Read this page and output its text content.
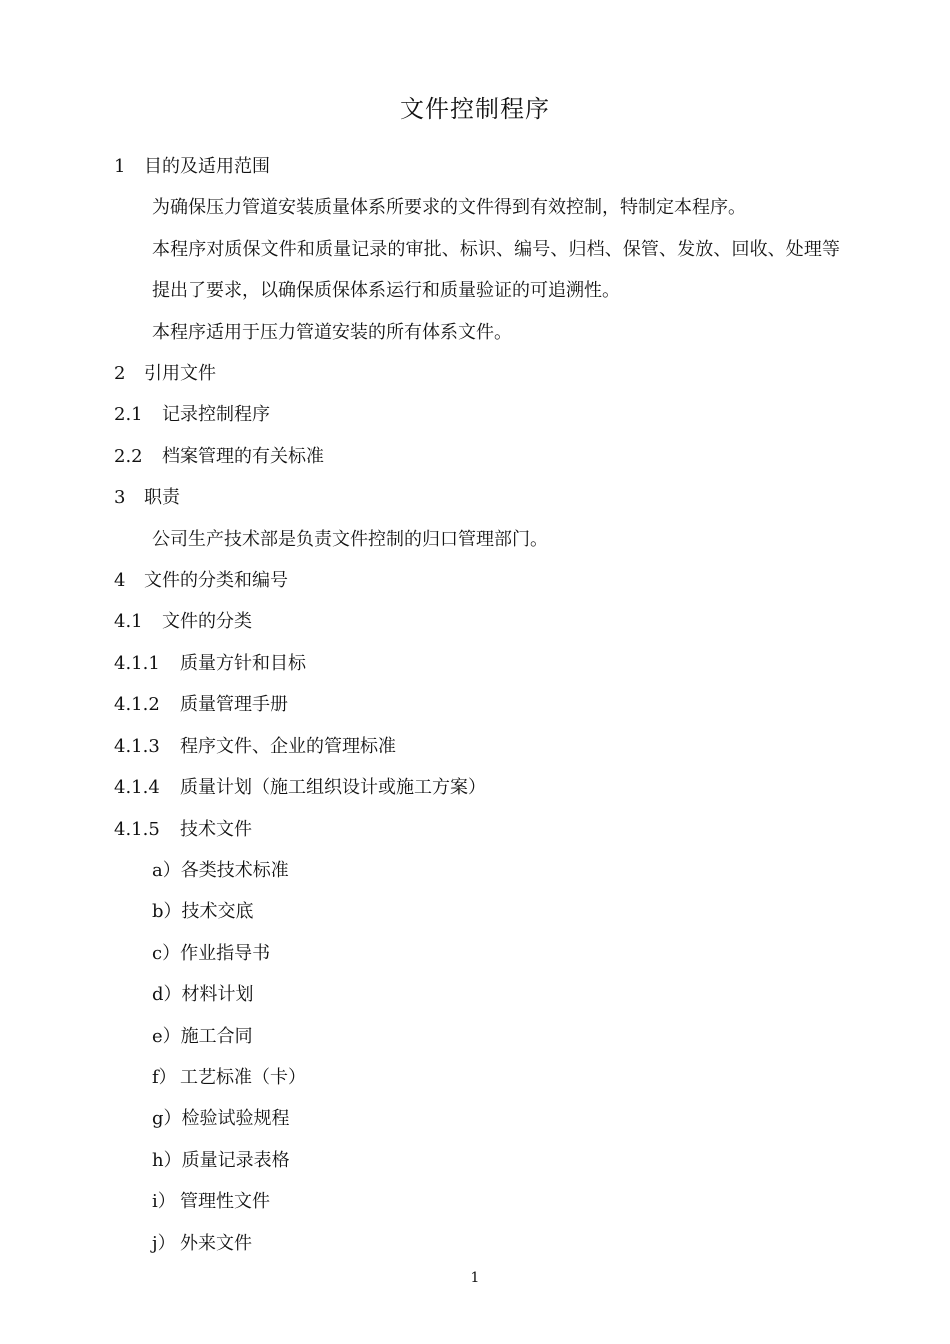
文件控制程序

1 目的及适用范围

为确保压力管道安装质量体系所要求的文件得到有效控制，特制定本程序。

本程序对质保文件和质量记录的审批、标识、编号、归档、保管、发放、回收、处理等提出了要求，以确保质保体系运行和质量验证的可追溯性。

本程序适用于压力管道安装的所有体系文件。

2 引用文件

2.1 记录控制程序

2.2 档案管理的有关标准

3 职责

公司生产技术部是负责文件控制的归口管理部门。

4 文件的分类和编号

4.1 文件的分类

4.1.1 质量方针和目标

4.1.2 质量管理手册

4.1.3 程序文件、企业的管理标准

4.1.4 质量计划（施工组织设计或施工方案）

4.1.5 技术文件

a）各类技术标准

b）技术交底

c）作业指导书

d）材料计划

e）施工合同

f） 工艺标准（卡）

g）检验试验规程

h）质量记录表格

i） 管理性文件

j） 外来文件

1
